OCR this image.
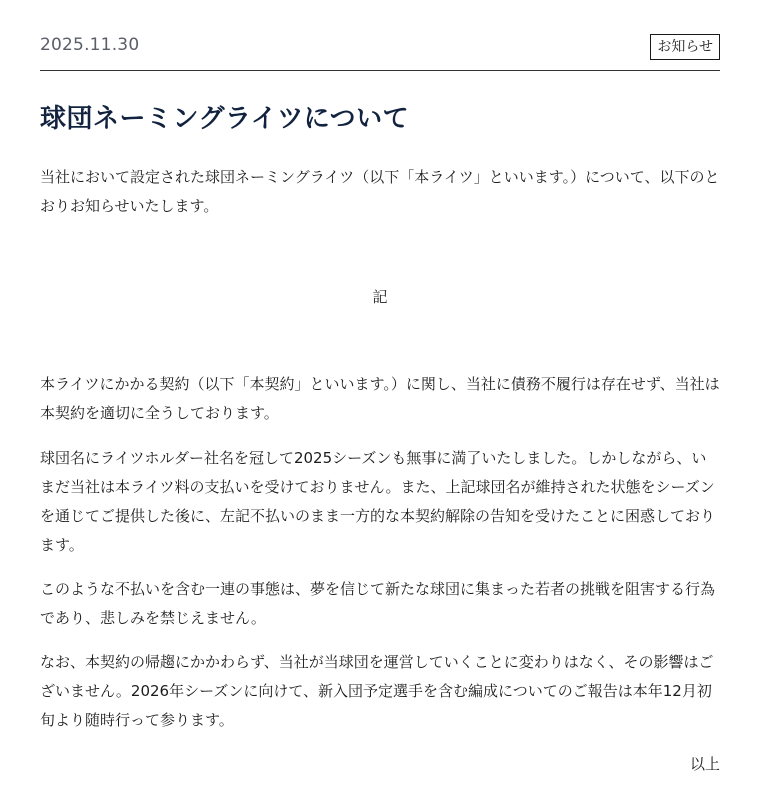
2025.11.30	お知らせ
球団ネーミングライツについて

当社において設定された球団ネーミングライツ（以下「本ライツ」といいます。）について、以下のとおりお知らせいたします。

記

本ライツにかかる契約（以下「本契約」といいます。）に関し、当社に債務不履行は存在せず、当社は本契約を適切に全うしております。

球団名にライツホルダー社名を冠して2025シーズンも無事に満了いたしました。しかしながら、いまだ当社は本ライツ料の支払いを受けておりません。また、上記球団名が維持された状態をシーズンを通じてご提供した後に、左記不払いのまま一方的な本契約解除の告知を受けたことに困惑しております。

このような不払いを含む一連の事態は、夢を信じて新たな球団に集まった若者の挑戦を阻害する行為であり、悲しみを禁じえません。

なお、本契約の帰趨にかかわらず、当社が当球団を運営していくことに変わりはなく、その影響はございません。2026年シーズンに向けて、新入団予定選手を含む編成についてのご報告は本年12月初旬より随時行って参ります。

以上
